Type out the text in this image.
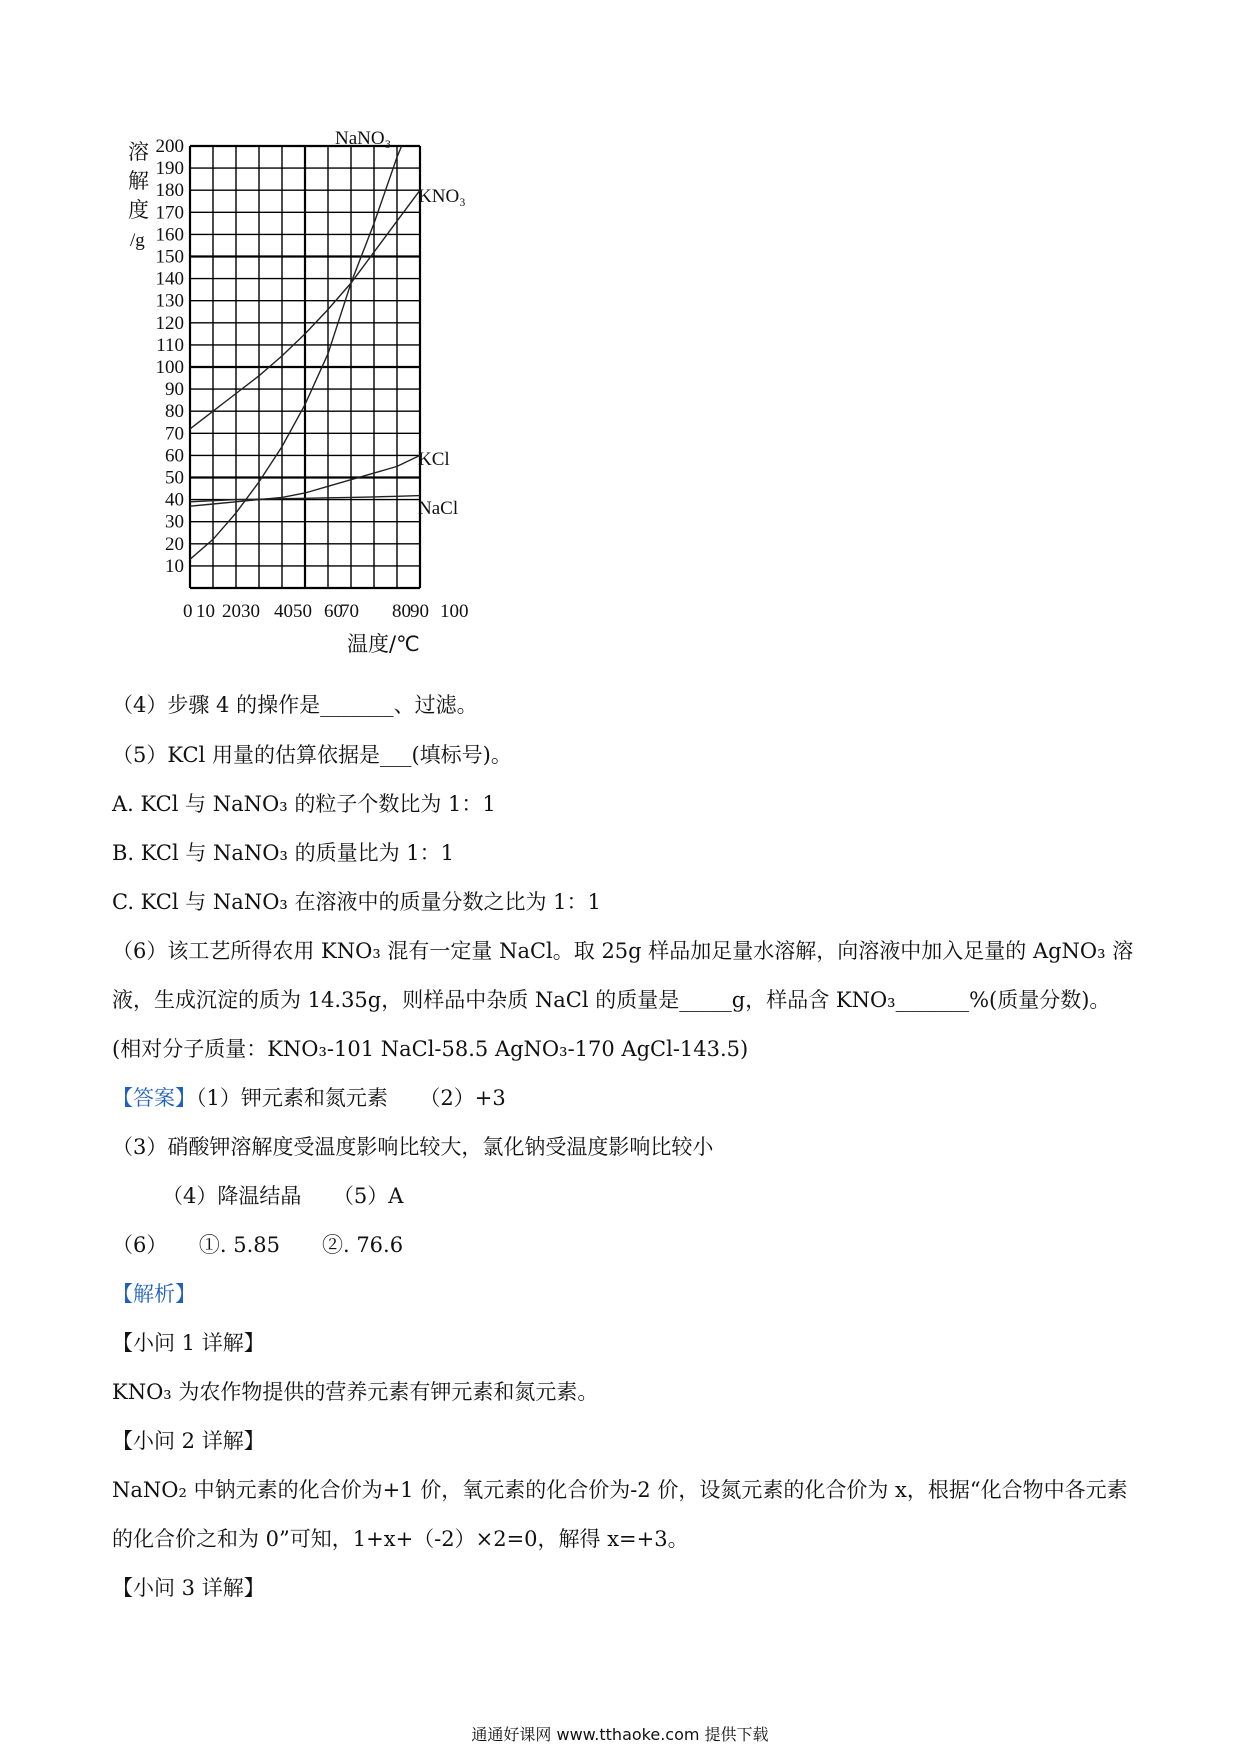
10
20
30
40
50
60
70
80
90
100
110
120
130
140
150
160
170
180
190
200
0 10 2030 4050 60
70 80 90 100
溶
解
度
/g
NaNO₃
KNO₃
KCl
NaCl
温度/℃
（4）步骤 4 的操作是_______、过滤。
（5）KCl 用量的估算依据是___(填标号)。
A. KCl 与 NaNO₃ 的粒子个数比为 1：1
B. KCl 与 NaNO₃ 的质量比为 1：1
C. KCl 与 NaNO₃ 在溶液中的质量分数之比为 1：1
（6）该工艺所得农用 KNO₃ 混有一定量 NaCl。取 25g 样品加足量水溶解，向溶液中加入足量的 AgNO₃ 溶
液，生成沉淀的质为 14.35g，则样品中杂质 NaCl 的质量是_____g，样品含 KNO₃_______%(质量分数)。
(相对分子质量：KNO₃-101 NaCl-58.5 AgNO₃-170 AgCl-143.5)
【答案】（1）钾元素和氮元素　　（2）+3
（3）硝酸钾溶解度受温度影响比较大，氯化钠受温度影响比较小
（4）降温结晶　　（5）A
（6）　　①. 5.85　　②. 76.6
【解析】
【小问 1 详解】
KNO₃ 为农作物提供的营养元素有钾元素和氮元素。
【小问 2 详解】
NaNO₂ 中钠元素的化合价为+1 价，氧元素的化合价为-2 价，设氮元素的化合价为 x，根据“化合物中各元素
的化合价之和为 0”可知，1+x+（-2）×2=0，解得 x=+3。
【小问 3 详解】
通通好课网 www.tthaoke.com 提供下载
